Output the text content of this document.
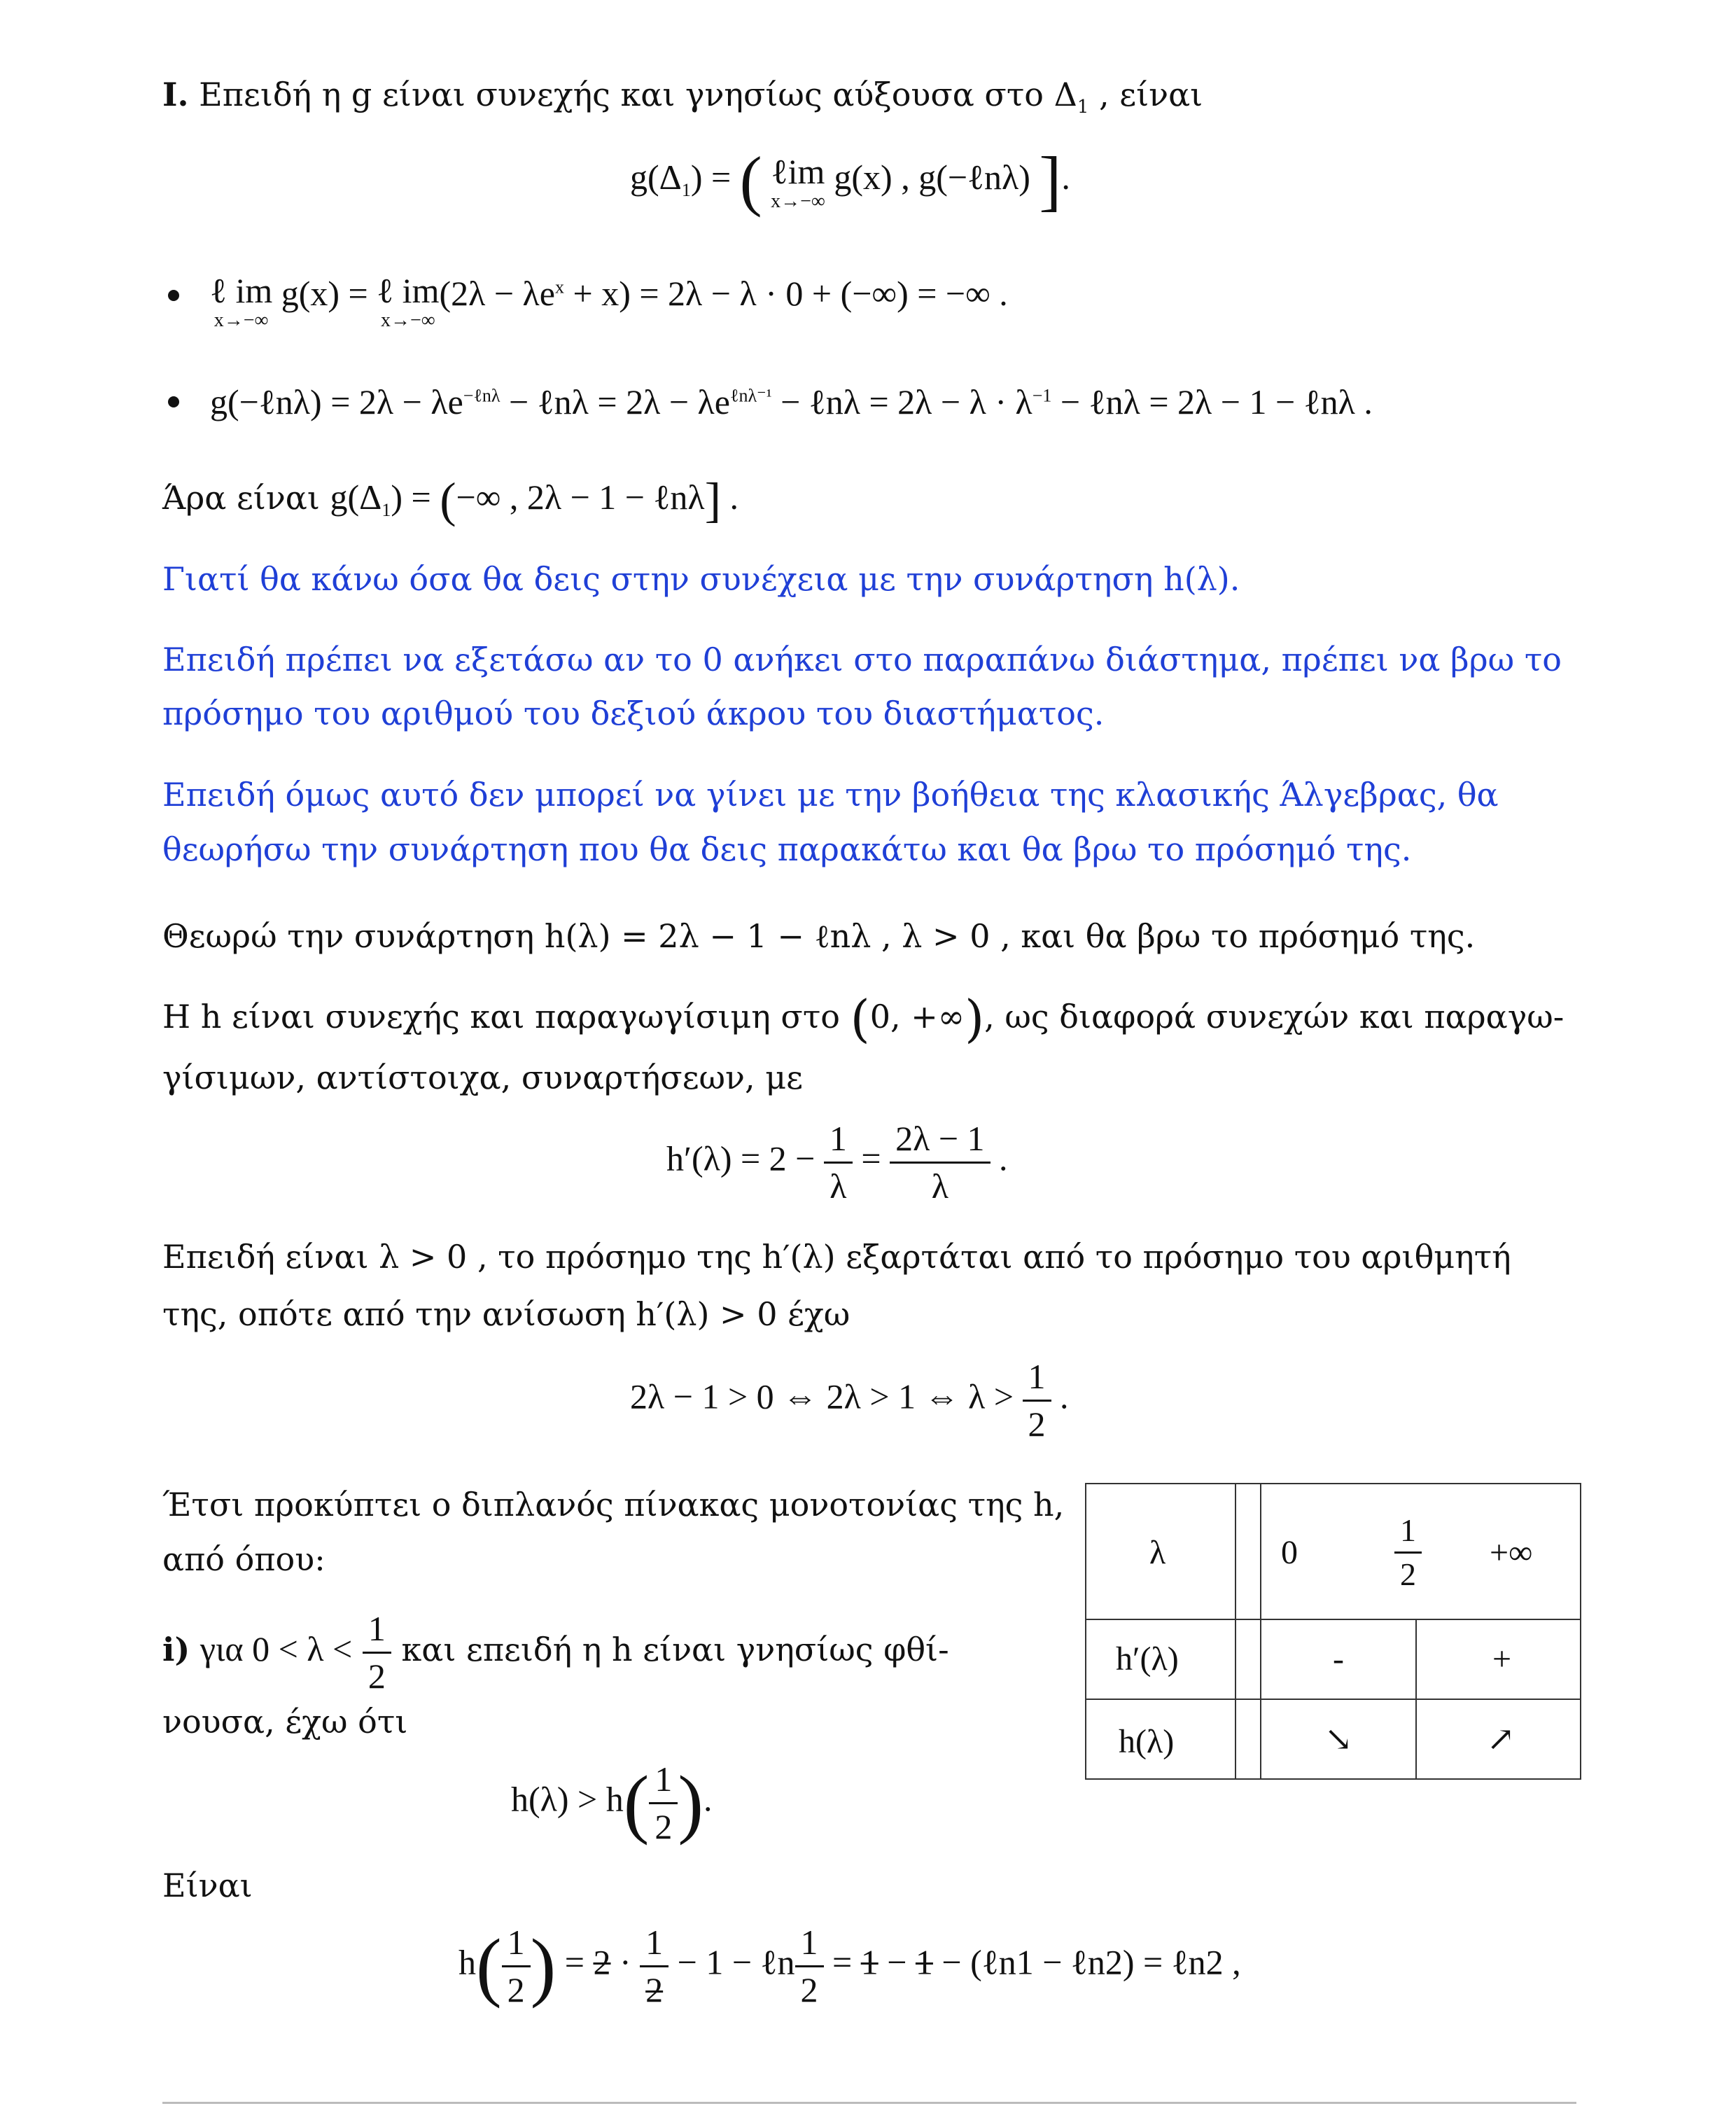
I. Επειδή η g είναι συνεχής και γνησίως αύξουσα στο $\Delta_1$ , είναι
$g(\Delta_1)$ = ( ℓim
x→−∞
g(x) , g(−ℓnλ) ].
ℓ im
x→−∞
g(x) = ℓ im
x→−∞
$(2\lambda - \lambda e^x + x) = 2\lambda - \lambda \cdot 0$ + (−∞) = −∞ .
g(−ℓnλ) = $2\lambda - \lambda e^{-\ell n\lambda}$ − ℓnλ = $2\lambda - \lambda e^{\ell n\lambda^{-1}}$ − ℓnλ = $2\lambda - \lambda \cdot \lambda^{-1}$ − ℓnλ = 2λ − 1 − ℓnλ .
Άρα είναι $g(\Delta_1)$ = (−∞ , 2λ − 1 − ℓnλ] .
Γιατί θα κάνω όσα θα δεις στην συνέχεια με την συνάρτηση h(λ).
Επειδή πρέπει να εξετάσω αν το 0 ανήκει στο παραπάνω διάστημα, πρέπει να βρω το
πρόσημο του αριθμού του δεξιού άκρου του διαστήματος.
Επειδή όμως αυτό δεν μπορεί να γίνει με την βοήθεια της κλασικής Άλγεβρας, θα
θεωρήσω την συνάρτηση που θα δεις παρακάτω και θα βρω το πρόσημό της.
Θεωρώ την συνάρτηση h(λ) = 2λ − 1 − ℓnλ , λ > 0 , και θα βρω το πρόσημό της.
Η h είναι συνεχής και παραγωγίσιμη στο (0, +∞), ως διαφορά συνεχών και παραγω-
γίσιμων, αντίστοιχα, συναρτήσεων, με
$h'(\lambda) = 2 - \frac{1}{\lambda} = \frac{2\lambda - 1}{\lambda}$ .
Επειδή είναι λ > 0 , το πρόσημο της h′(λ) εξαρτάται από το πρόσημο του αριθμητή
της, οπότε από την ανίσωση h′(λ) > 0 έχω
2λ − 1 > 0 ⇔ 2λ > 1 ⇔ $\lambda > \frac{1}{2}$ .
Έτσι προκύπτει ο διπλανός πίνακας μονοτονίας της h,
από όπου:
i) για $0 < \lambda < \frac{1}{2}$ και επειδή η h είναι γνησίως φθί-
νουσα, έχω ότι
$h(\lambda) > h( \frac{1}{2}$ ).
Είναι
$h( \frac{1}{2}$ ) = $2 \cdot \frac{1}{2} - 1$ − ℓn $\frac{1}{2} = 1 - 1$ − (ℓn1 − ℓn2) = ℓn2 ,
λ	0	$\frac{1}{2}$ +∞
h′(λ)	-	+
h(λ)	↘	↗
